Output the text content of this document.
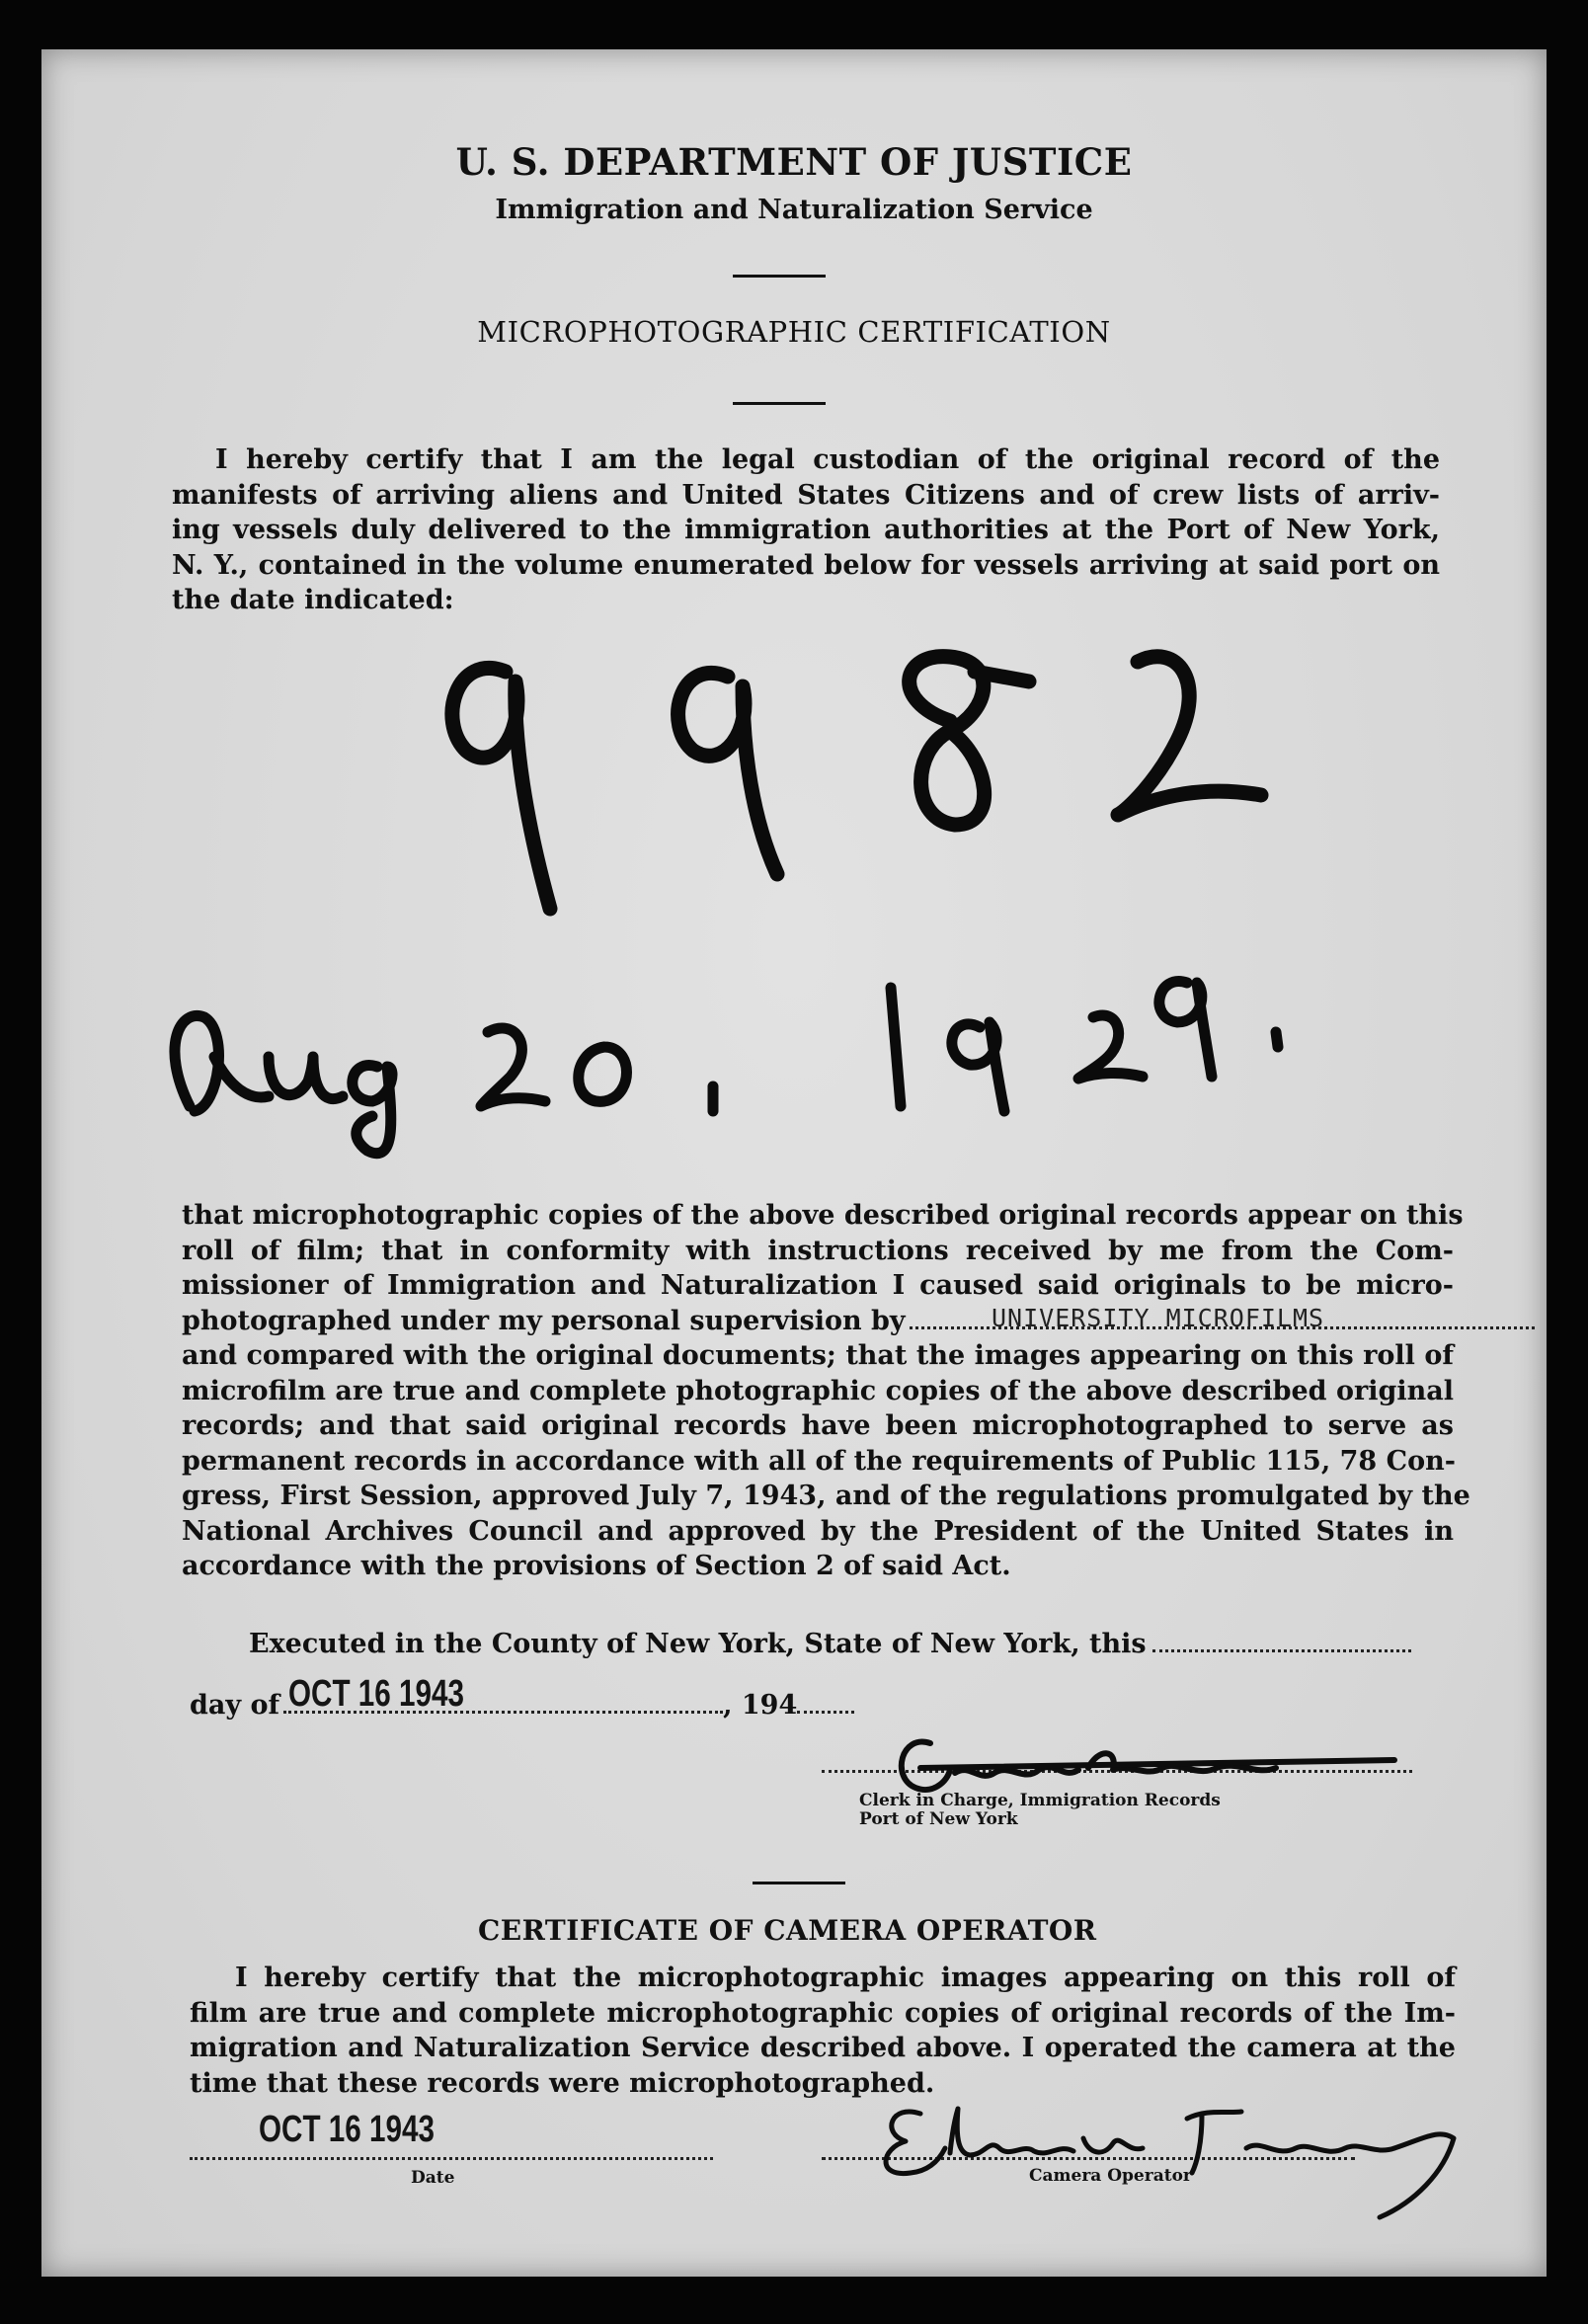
U. S. DEPARTMENT OF JUSTICE
Immigration and Naturalization Service
MICROPHOTOGRAPHIC CERTIFICATION
I hereby certify that I am the legal custodian of the original record of the
manifests of arriving aliens and United States Citizens and of crew lists of arriv-
ing vessels duly delivered to the immigration authorities at the Port of New York,
N. Y., contained in the volume enumerated below for vessels arriving at said port on
the date indicated:
that microphotographic copies of the above described original records appear on this
roll of film; that in conformity with instructions received by me from the Com-
missioner of Immigration and Naturalization I caused said originals to be micro-
photographed under my personal supervision by
and compared with the original documents; that the images appearing on this roll of
microfilm are true and complete photographic copies of the above described original
records; and that said original records have been microphotographed to serve as
permanent records in accordance with all of the requirements of Public 115, 78 Con-
gress, First Session, approved July 7, 1943, and of the regulations promulgated by the
National Archives Council and approved by the President of the United States in
accordance with the provisions of Section 2 of said Act.
UNIVERSITY MICROFILMS
Executed in the County of New York, State of New York, this
day of	, 194
OCT 16 1943
Clerk in Charge, Immigration Records
Port of New York
CERTIFICATE OF CAMERA OPERATOR
I hereby certify that the microphotographic images appearing on this roll of
film are true and complete microphotographic copies of original records of the Im-
migration and Naturalization Service described above. I operated the camera at the
time that these records were microphotographed.
OCT 16 1943
Date	Camera Operator
